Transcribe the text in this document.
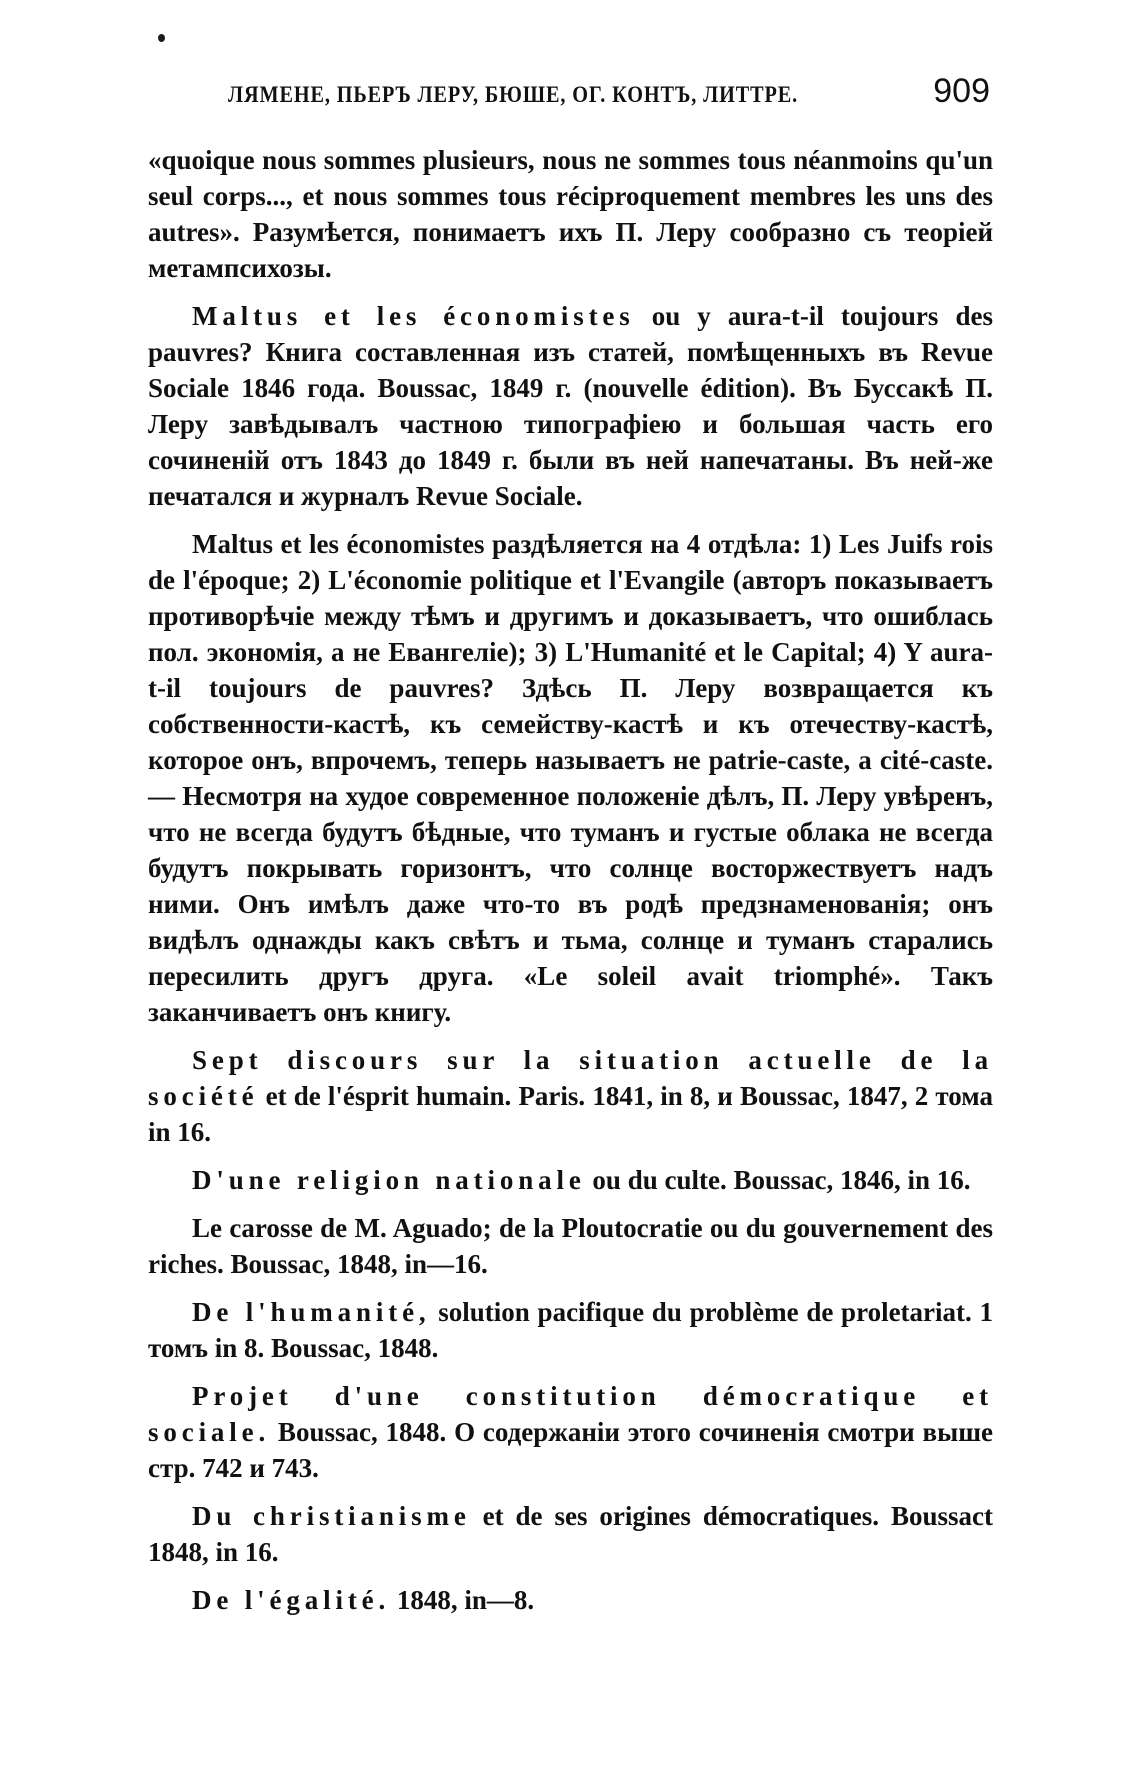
ЛЯМЕНЕ, ПЬЕРЪ ЛЕРУ, БЮШЕ, ОГ. КОНТЪ, ЛИТТРЕ.	909

«quoique nous sommes plusieurs, nous ne sommes tous néanmoins qu'un seul corps..., et nous sommes tous réciproquement membres les uns des autres». Разумѣется, понимаетъ ихъ П. Леру сообразно съ теоріей метампсихозы.

Maltus et les économistes ou y aura-t-il toujours des pauvres? Книга составленная изъ статей, помѣщенныхъ въ Revue Sociale 1846 года. Boussac, 1849 г. (nouvelle édition). Въ Буссакѣ П. Леру завѣдывалъ частною типографіею и большая часть его сочиненій отъ 1843 до 1849 г. были въ ней напечатаны. Въ ней-же печатался и журналъ Revue Sociale.

Maltus et les économistes раздѣляется на 4 отдѣла: 1) Les Juifs rois de l'époque; 2) L'économie politique et l'Evangile (авторъ показываетъ противорѣчіе между тѣмъ и другимъ и доказываетъ, что ошиблась пол. экономія, а не Евангеліе); 3) L'Humanité et le Capital; 4) Y aura-t-il toujours de pauvres? Здѣсь П. Леру возвращается къ собственности-кастѣ, къ семейству-кастѣ и къ отечеству-кастѣ, которое онъ, впрочемъ, теперь называетъ не patrie-caste, a cité-caste.— Несмотря на худое современное положеніе дѣлъ, П. Леру увѣренъ, что не всегда будутъ бѣдные, что туманъ и густые облака не всегда будутъ покрывать горизонтъ, что солнце восторжествуетъ надъ ними. Онъ имѣлъ даже что-то въ родѣ предзнаменованія; онъ видѣлъ однажды какъ свѣтъ и тьма, солнце и туманъ старались пересилить другъ друга. «Le soleil avait triomphé». Такъ заканчиваетъ онъ книгу.

Sept discours sur la situation actuelle de la société et de l'ésprit humain. Paris. 1841, in 8, и Boussac, 1847, 2 тома in 16.

D'une religion nationale ou du culte. Boussac, 1846, in 16.

Le carosse de M. Aguado; de la Ploutocratie ou du gouvernement des riches. Boussac, 1848, in—16.

De l'humanité, solution pacifique du problème de proletariat. 1 томъ in 8. Boussac, 1848.

Projet d'une constitution démocratique et sociale. Boussac, 1848. О содержаніи этого сочиненія смотри выше стр. 742 и 743.

Du christianisme et de ses origines démocratiques. Boussact 1848, in 16.

De l'égalité. 1848, in—8.
